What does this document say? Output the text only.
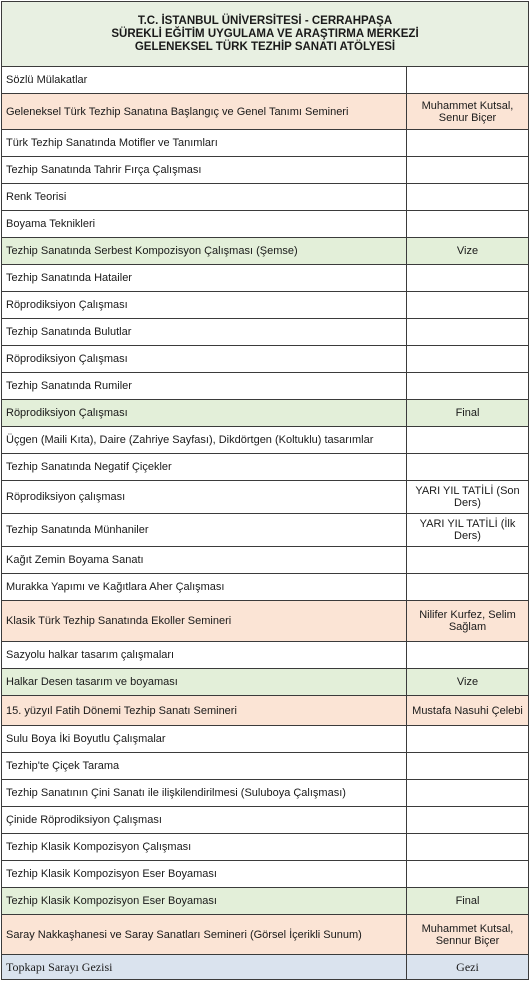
T.C. İSTANBUL ÜNİVERSİTESİ - CERRAHPAŞA
SÜREKLİ EĞİTİM UYGULAMA VE ARAŞTIRMA MERKEZİ
GELENEKSEL TÜRK TEZHİP SANATI ATÖLYESİ	

Sözlü Mülakatlar	
Geleneksel Türk Tezhip Sanatına Başlangıç ve Genel Tanımı Semineri	Muhammet Kutsal, Senur Biçer
Türk Tezhip Sanatında Motifler ve Tanımları	
Tezhip Sanatında Tahrir Fırça Çalışması	
Renk Teorisi	
Boyama Teknikleri	
Tezhip Sanatında Serbest Kompozisyon Çalışması (Şemse)	Vize
Tezhip Sanatında Hatailer	
Röprodiksiyon Çalışması	
Tezhip Sanatında Bulutlar	
Röprodiksiyon Çalışması	
Tezhip Sanatında Rumiler	
Röprodiksiyon Çalışması	Final
Üçgen (Maili Kıta), Daire (Zahriye Sayfası), Dikdörtgen (Koltuklu) tasarımlar	
Tezhip Sanatında Negatif Çiçekler	
Röprodiksiyon çalışması	YARI YIL TATİLİ (Son Ders)
Tezhip Sanatında Münhaniler	YARI YIL TATİLİ (İlk Ders)
Kağıt Zemin Boyama Sanatı	
Murakka Yapımı ve Kağıtlara Aher Çalışması	
Klasik Türk Tezhip Sanatında Ekoller Semineri	Nilifer Kurfez, Selim Sağlam
Sazyolu halkar tasarım çalışmaları	
Halkar Desen tasarım ve boyaması	Vize
15. yüzyıl Fatih Dönemi Tezhip Sanatı Semineri	Mustafa Nasuhi Çelebi
Sulu Boya İki Boyutlu Çalışmalar	
Tezhip'te Çiçek Tarama	
Tezhip Sanatının Çini Sanatı ile ilişkilendirilmesi (Suluboya Çalışması)	
Çinide Röprodiksiyon Çalışması	
Tezhip Klasik Kompozisyon Çalışması	
Tezhip Klasik Kompozisyon Eser Boyaması	
Tezhip Klasik Kompozisyon Eser Boyaması	Final
Saray Nakkaşhanesi ve Saray Sanatları Semineri (Görsel İçerikli Sunum)	Muhammet Kutsal, Sennur Biçer
Topkapı Sarayı Gezisi	Gezi
